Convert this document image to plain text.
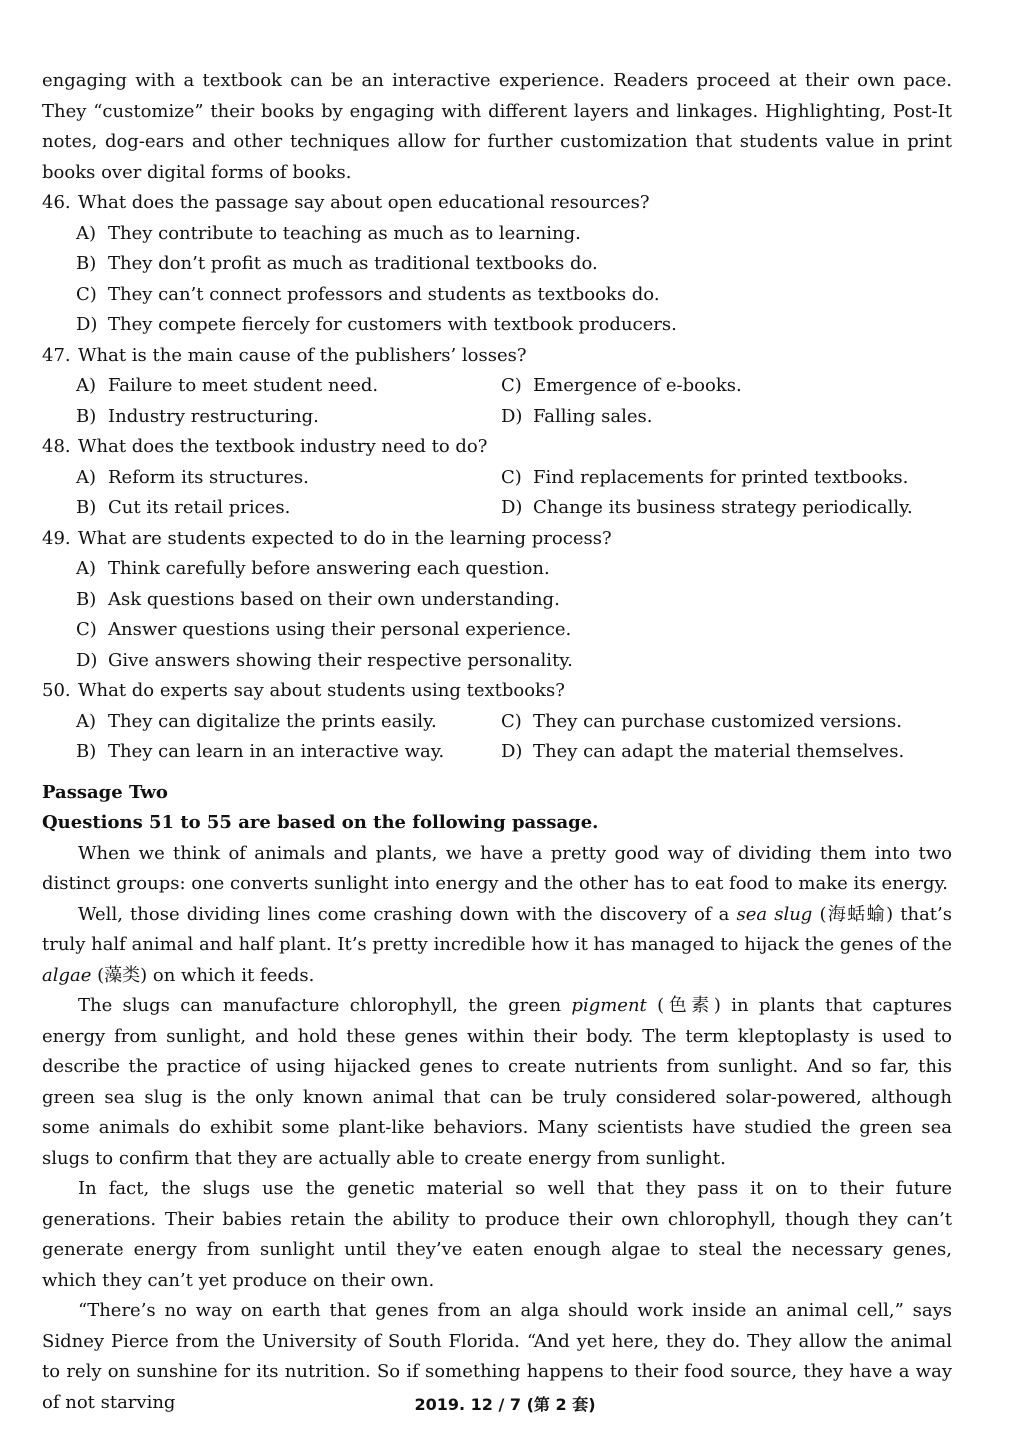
engaging with a textbook can be an interactive experience. Readers proceed at their own pace. They “customize” their books by engaging with different layers and linkages. Highlighting, Post-It notes, dog-ears and other techniques allow for further customization that students value in print books over digital forms of books.

46. What does the passage say about open educational resources?
A) They contribute to teaching as much as to learning.
B) They don’t profit as much as traditional textbooks do.
C) They can’t connect professors and students as textbooks do.
D) They compete fiercely for customers with textbook producers.
47. What is the main cause of the publishers’ losses?
A) Failure to meet student need.	C) Emergence of e-books.
B) Industry restructuring.	D) Falling sales.
48. What does the textbook industry need to do?
A) Reform its structures.	C) Find replacements for printed textbooks.
B) Cut its retail prices.	D) Change its business strategy periodically.
49. What are students expected to do in the learning process?
A) Think carefully before answering each question.
B) Ask questions based on their own understanding.
C) Answer questions using their personal experience.
D) Give answers showing their respective personality.
50. What do experts say about students using textbooks?
A) They can digitalize the prints easily.	C) They can purchase customized versions.
B) They can learn in an interactive way.	D) They can adapt the material themselves.

Passage Two

Questions 51 to 55 are based on the following passage.

When we think of animals and plants, we have a pretty good way of dividing them into two distinct groups: one converts sunlight into energy and the other has to eat food to make its energy.

Well, those dividing lines come crashing down with the discovery of a sea slug (海蛞蝓) that’s truly half animal and half plant. It’s pretty incredible how it has managed to hijack the genes of the algae (藻类) on which it feeds.

The slugs can manufacture chlorophyll, the green pigment (色素) in plants that captures energy from sunlight, and hold these genes within their body. The term kleptoplasty is used to describe the practice of using hijacked genes to create nutrients from sunlight. And so far, this green sea slug is the only known animal that can be truly considered solar-powered, although some animals do exhibit some plant-like behaviors. Many scientists have studied the green sea slugs to confirm that they are actually able to create energy from sunlight.

In fact, the slugs use the genetic material so well that they pass it on to their future generations. Their babies retain the ability to produce their own chlorophyll, though they can’t generate energy from sunlight until they’ve eaten enough algae to steal the necessary genes, which they can’t yet produce on their own.

“There’s no way on earth that genes from an alga should work inside an animal cell,” says Sidney Pierce from the University of South Florida. “And yet here, they do. They allow the animal to rely on sunshine for its nutrition. So if something happens to their food source, they have a way of not starving	2019. 12 / 7 (第 2 套)
